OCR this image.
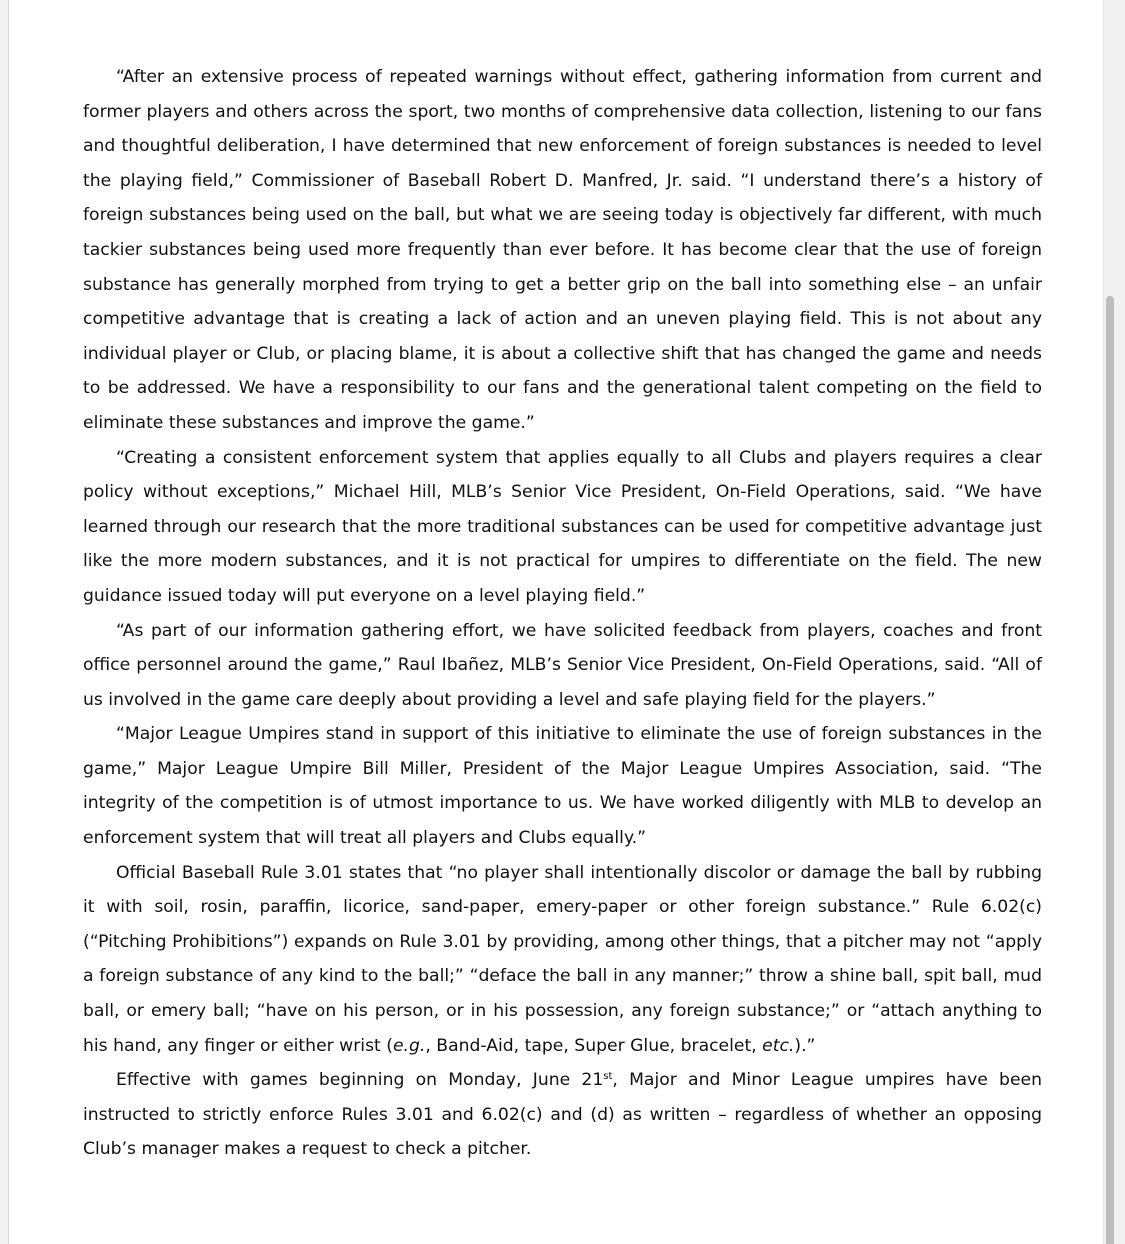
“After an extensive process of repeated warnings without effect, gathering information from current and former players and others across the sport, two months of comprehensive data collection, listening to our fans and thoughtful deliberation, I have determined that new enforcement of foreign substances is needed to level the playing field,” Commissioner of Baseball Robert D. Manfred, Jr. said. “I understand there’s a history of foreign substances being used on the ball, but what we are seeing today is objectively far different, with much tackier substances being used more frequently than ever before. It has become clear that the use of foreign substance has generally morphed from trying to get a better grip on the ball into something else – an unfair competitive advantage that is creating a lack of action and an uneven playing field. This is not about any individual player or Club, or placing blame, it is about a collective shift that has changed the game and needs to be addressed. We have a responsibility to our fans and the generational talent competing on the field to eliminate these substances and improve the game.”

“Creating a consistent enforcement system that applies equally to all Clubs and players requires a clear policy without exceptions,” Michael Hill, MLB’s Senior Vice President, On-Field Operations, said. “We have learned through our research that the more traditional substances can be used for competitive advantage just like the more modern substances, and it is not practical for umpires to differentiate on the field. The new guidance issued today will put everyone on a level playing field.”

“As part of our information gathering effort, we have solicited feedback from players, coaches and front office personnel around the game,” Raul Ibañez, MLB’s Senior Vice President, On-Field Operations, said. “All of us involved in the game care deeply about providing a level and safe playing field for the players.”

“Major League Umpires stand in support of this initiative to eliminate the use of foreign substances in the game,” Major League Umpire Bill Miller, President of the Major League Umpires Association, said. “The integrity of the competition is of utmost importance to us. We have worked diligently with MLB to develop an enforcement system that will treat all players and Clubs equally.”

Official Baseball Rule 3.01 states that “no player shall intentionally discolor or damage the ball by rubbing it with soil, rosin, paraffin, licorice, sand-paper, emery-paper or other foreign substance.” Rule 6.02(c) (“Pitching Prohibitions”) expands on Rule 3.01 by providing, among other things, that a pitcher may not “apply a foreign substance of any kind to the ball;” “deface the ball in any manner;” throw a shine ball, spit ball, mud ball, or emery ball; “have on his person, or in his possession, any foreign substance;” or “attach anything to his hand, any finger or either wrist (e.g., Band-Aid, tape, Super Glue, bracelet, etc.).”

Effective with games beginning on Monday, June 21st, Major and Minor League umpires have been instructed to strictly enforce Rules 3.01 and 6.02(c) and (d) as written – regardless of whether an opposing Club’s manager makes a request to check a pitcher.
